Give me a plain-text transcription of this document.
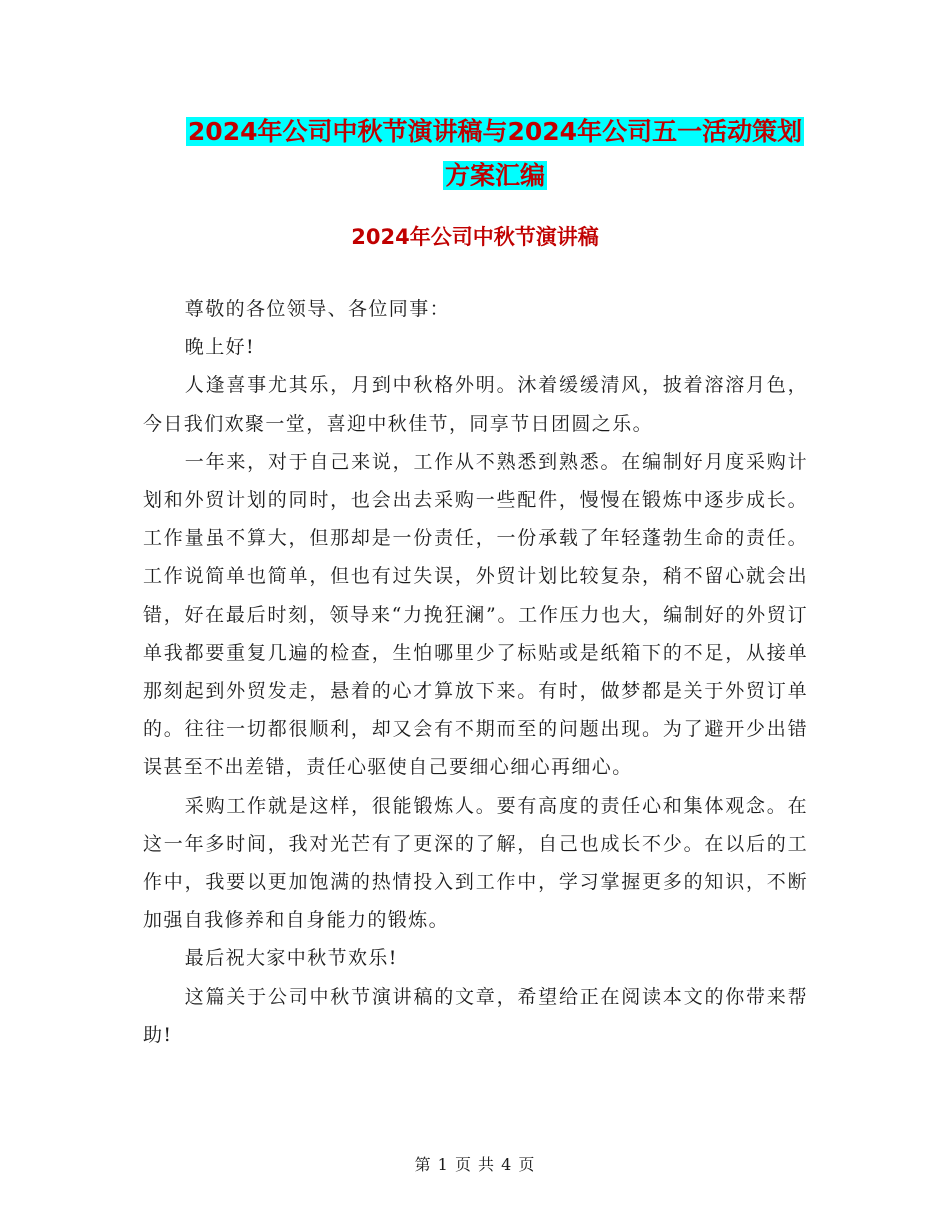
2024年公司中秋节演讲稿与2024年公司五一活动策划
方案汇编
2024年公司中秋节演讲稿

尊敬的各位领导、各位同事：

晚上好!

人逢喜事尤其乐，月到中秋格外明。沐着缓缓清风，披着溶溶月色，今日我们欢聚一堂，喜迎中秋佳节，同享节日团圆之乐。

一年来，对于自己来说，工作从不熟悉到熟悉。在编制好月度采购计划和外贸计划的同时，也会出去采购一些配件，慢慢在锻炼中逐步成长。工作量虽不算大，但那却是一份责任，一份承载了年轻蓬勃生命的责任。工作说简单也简单，但也有过失误，外贸计划比较复杂，稍不留心就会出错，好在最后时刻，领导来“力挽狂澜”。工作压力也大，编制好的外贸订单我都要重复几遍的检查，生怕哪里少了标贴或是纸箱下的不足，从接单那刻起到外贸发走，悬着的心才算放下来。有时，做梦都是关于外贸订单的。往往一切都很顺利，却又会有不期而至的问题出现。为了避开少出错误甚至不出差错，责任心驱使自己要细心细心再细心。

采购工作就是这样，很能锻炼人。要有高度的责任心和集体观念。在这一年多时间，我对光芒有了更深的了解，自己也成长不少。在以后的工作中，我要以更加饱满的热情投入到工作中，学习掌握更多的知识，不断加强自我修养和自身能力的锻炼。

最后祝大家中秋节欢乐!

这篇关于公司中秋节演讲稿的文章，希望给正在阅读本文的你带来帮助!

第 1 页 共 4 页
